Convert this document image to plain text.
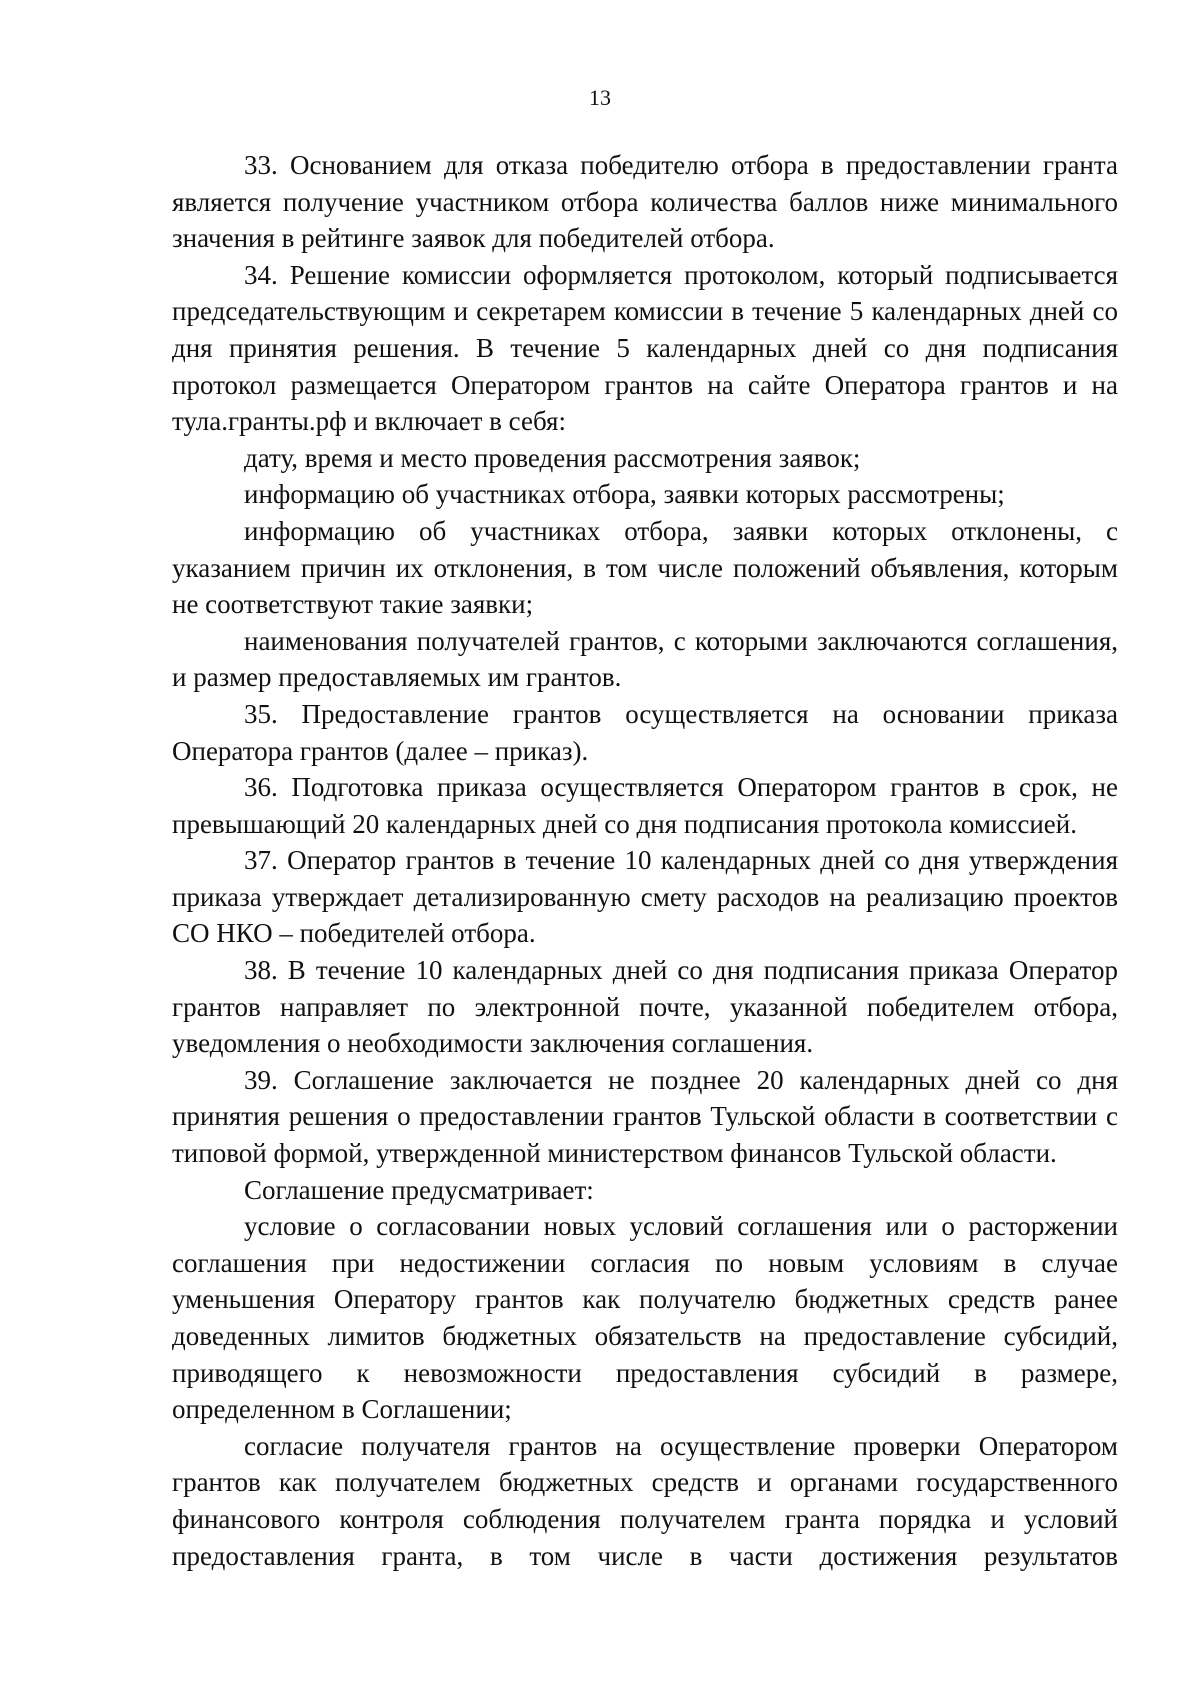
13

33. Основанием для отказа победителю отбора в предоставлении гранта является получение участником отбора количества баллов ниже минимального значения в рейтинге заявок для победителей отбора.

34. Решение комиссии оформляется протоколом, который подписывается председательствующим и секретарем комиссии в течение 5 календарных дней со дня принятия решения. В течение 5 календарных дней со дня подписания протокол размещается Оператором грантов на сайте Оператора грантов и на тула.гранты.рф и включает в себя:

дату, время и место проведения рассмотрения заявок;

информацию об участниках отбора, заявки которых рассмотрены;

информацию об участниках отбора, заявки которых отклонены, с указанием причин их отклонения, в том числе положений объявления, которым не соответствуют такие заявки;

наименования получателей грантов, с которыми заключаются соглашения, и размер предоставляемых им грантов.

35. Предоставление грантов осуществляется на основании приказа Оператора грантов (далее – приказ).

36. Подготовка приказа осуществляется Оператором грантов в срок, не превышающий 20 календарных дней со дня подписания протокола комиссией.

37. Оператор грантов в течение 10 календарных дней со дня утверждения приказа утверждает детализированную смету расходов на реализацию проектов СО НКО – победителей отбора.

38. В течение 10 календарных дней со дня подписания приказа Оператор грантов направляет по электронной почте, указанной победителем отбора, уведомления о необходимости заключения соглашения.

39. Соглашение заключается не позднее 20 календарных дней со дня принятия решения о предоставлении грантов Тульской области в соответствии с типовой формой, утвержденной министерством финансов Тульской области.

Соглашение предусматривает:

условие о согласовании новых условий соглашения или о расторжении соглашения при недостижении согласия по новым условиям в случае уменьшения Оператору грантов как получателю бюджетных средств ранее доведенных лимитов бюджетных обязательств на предоставление субсидий, приводящего к невозможности предоставления субсидий в размере, определенном в Соглашении;

согласие получателя грантов на осуществление проверки Оператором грантов как получателем бюджетных средств и органами государственного финансового контроля соблюдения получателем гранта порядка и условий предоставления гранта, в том числе в части достижения результатов
